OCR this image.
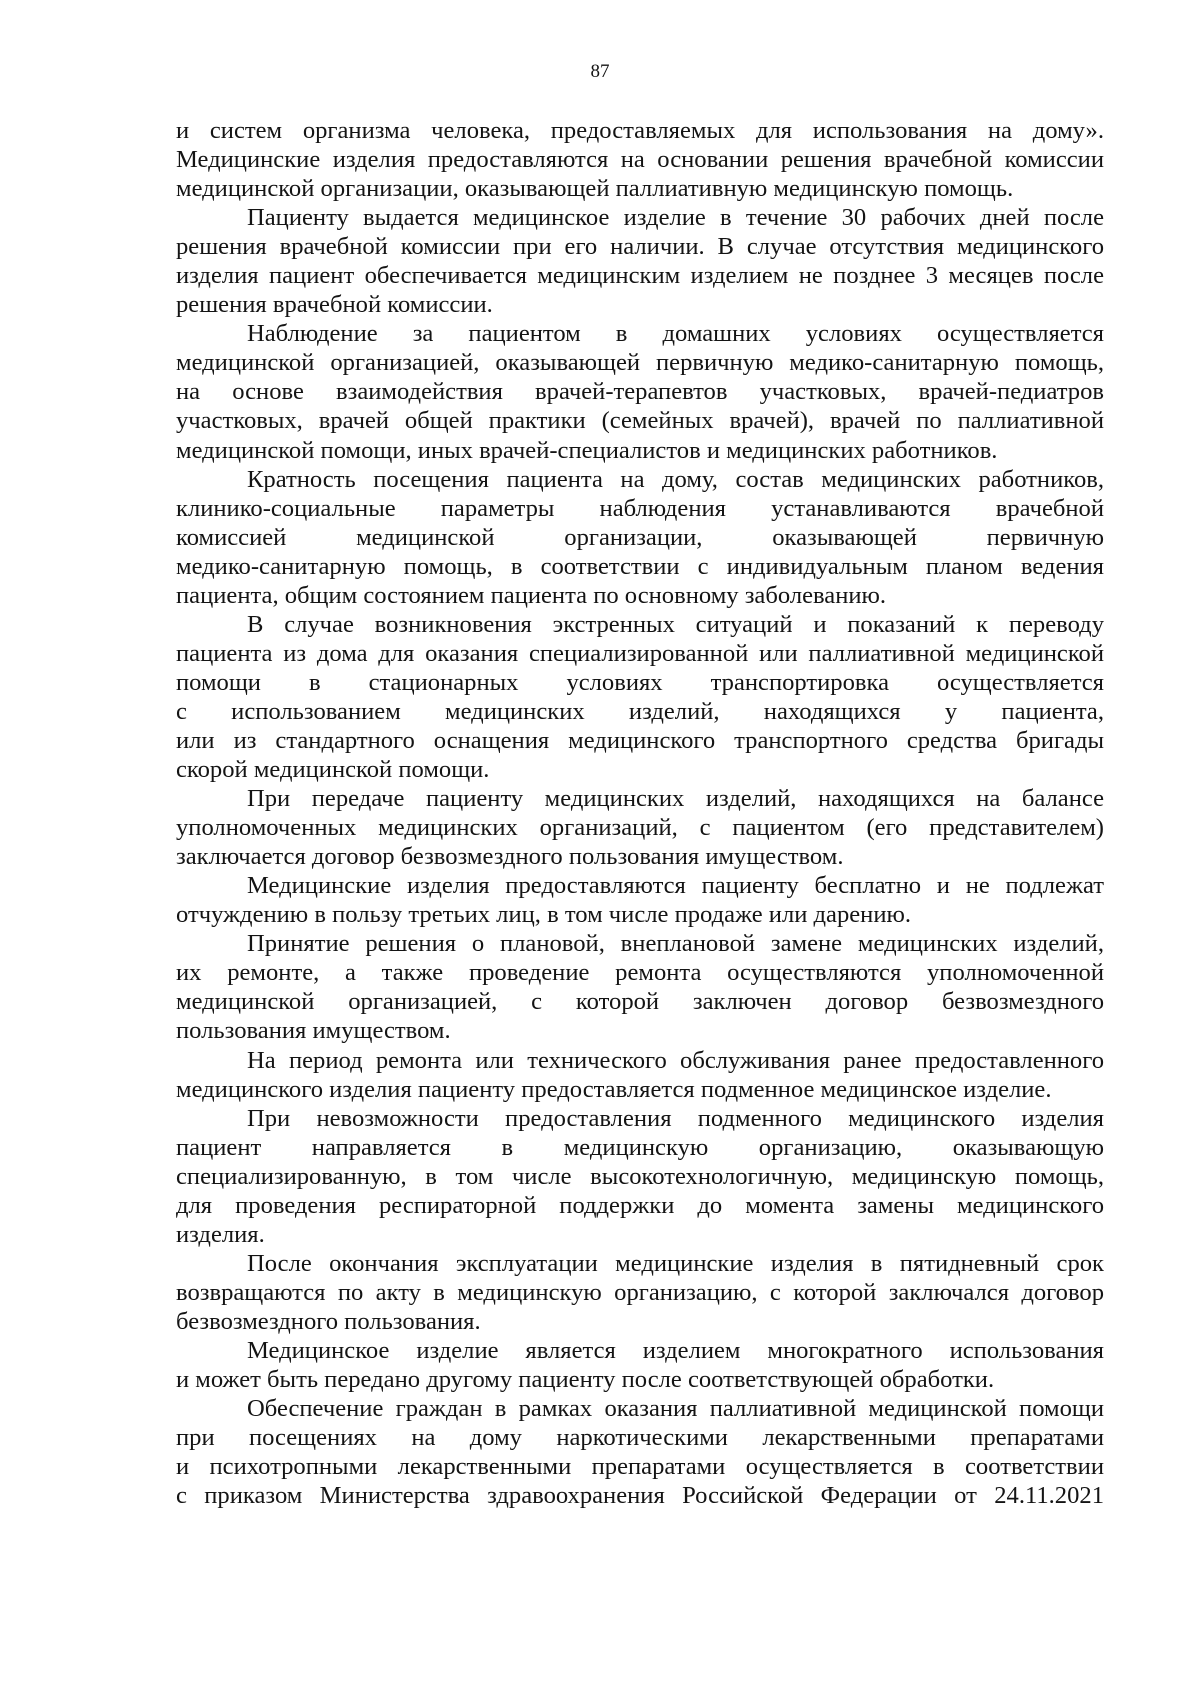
87

и систем организма человека, предоставляемых для использования на дому».
Медицинские изделия предоставляются на основании решения врачебной комиссии
медицинской организации, оказывающей паллиативную медицинскую помощь.

Пациенту выдается медицинское изделие в течение 30 рабочих дней после
решения врачебной комиссии при его наличии. В случае отсутствия медицинского
изделия пациент обеспечивается медицинским изделием не позднее 3 месяцев после
решения врачебной комиссии.

Наблюдение за пациентом в домашних условиях осуществляется
медицинской организацией, оказывающей первичную медико-санитарную помощь,
на основе взаимодействия врачей-терапевтов участковых, врачей-педиатров
участковых, врачей общей практики (семейных врачей), врачей по паллиативной
медицинской помощи, иных врачей-специалистов и медицинских работников.

Кратность посещения пациента на дому, состав медицинских работников,
клинико-социальные параметры наблюдения устанавливаются врачебной
комиссией медицинской организации, оказывающей первичную
медико-санитарную помощь, в соответствии с индивидуальным планом ведения
пациента, общим состоянием пациента по основному заболеванию.

В случае возникновения экстренных ситуаций и показаний к переводу
пациента из дома для оказания специализированной или паллиативной медицинской
помощи в стационарных условиях транспортировка осуществляется
с использованием медицинских изделий, находящихся у пациента,
или из стандартного оснащения медицинского транспортного средства бригады
скорой медицинской помощи.

При передаче пациенту медицинских изделий, находящихся на балансе
уполномоченных медицинских организаций, с пациентом (его представителем)
заключается договор безвозмездного пользования имуществом.

Медицинские изделия предоставляются пациенту бесплатно и не подлежат
отчуждению в пользу третьих лиц, в том числе продаже или дарению.

Принятие решения о плановой, внеплановой замене медицинских изделий,
их ремонте, а также проведение ремонта осуществляются уполномоченной
медицинской организацией, с которой заключен договор безвозмездного
пользования имуществом.

На период ремонта или технического обслуживания ранее предоставленного
медицинского изделия пациенту предоставляется подменное медицинское изделие.

При невозможности предоставления подменного медицинского изделия
пациент направляется в медицинскую организацию, оказывающую
специализированную, в том числе высокотехнологичную, медицинскую помощь,
для проведения респираторной поддержки до момента замены медицинского
изделия.

После окончания эксплуатации медицинские изделия в пятидневный срок
возвращаются по акту в медицинскую организацию, с которой заключался договор
безвозмездного пользования.

Медицинское изделие является изделием многократного использования
и может быть передано другому пациенту после соответствующей обработки.

Обеспечение граждан в рамках оказания паллиативной медицинской помощи
при посещениях на дому наркотическими лекарственными препаратами
и психотропными лекарственными препаратами осуществляется в соответствии
с приказом Министерства здравоохранения Российской Федерации от 24.11.2021
